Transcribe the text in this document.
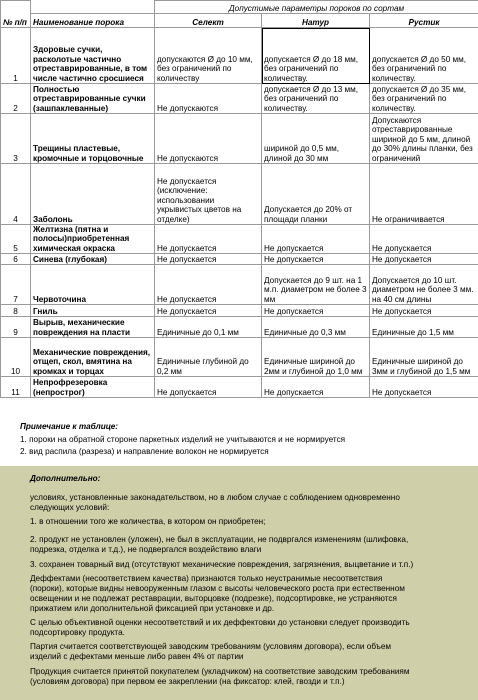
№ п/п		Допустимые параметры пороков по сортам		
	Наименование порока	Селект	Натур	Рустик
1	Здоровые сучки, расколотые частично отреставрированные, в том числе частично сросшиеся	допускаются Ø до 10 мм, без ограничений по количеству	допускается Ø до 18 мм, без ограничений по количеству.	допускается Ø до 50 мм, без ограничений по количеству.
2	Полностью отреставрированные сучки (зашпаклеванные)	Не допускаются	допускается Ø до 13 мм, без ограничений по количеству.	допускается Ø до 35 мм, без ограничений по количеству.
3	Трещины пластевые, кромочные и торцовочные	Не допускаются	шириной до 0,5 мм, длиной до 30 мм	Допускаются отреставрированные шириной до 5 мм, длиной до 30% длины планки, без ограничений
4	Заболонь	Не допускается (исключение: использовании укрывистых цветов на отделке)	Допускается до 20% от площади планки	Не ограничивается
5	Желтизна (пятна и полосы)приобретенная химическая окраска	Не допускается	Не допускается	Не допускается
6	Синева (глубокая)	Не допускается	Не допускается	Не допускается
7	Червоточина	Не допускается	Допускается до 9 шт. на 1 м.п. диаметром не более 3 мм	Допускается до 10 шт. диаметром не более 3 мм. на 40 см длины
8	Гниль	Не допускается	Не допускается	Не допускается
9	Вырыв, механические повреждения на пласти	Единичные до 0,1 мм	Единичные до 0,3 мм	Единичные до 1,5 мм
10	Механические повреждения, отщеп, скол, вмятина на кромках и торцах	Единичные глубиной до 0,2 мм	Единичные шириной до 2мм и глубиной до 1,0 мм	Единичные шириной до 3мм и глубиной до 1,5 мм
11	Непрофрезеровка (непрострог)	Не допускается	Не допускается	Не допускается
Примечание к таблице:
1. пороки на обратной стороне паркетных изделий не учитываются и не нормируется
2. вид распила (разреза) и направление волокон не нормируется
Дополнительно:
условиях, установленные законадательством, но в любом случае с соблюдением одновременно
следующих условий:
1. в отношении того же количества, в котором он приобретен;
2. продукт не установлен (уложен), не был в эксплуатации, не подвргался изменениям (шлифовка,
подрезка, отделка и т.д.), не подвергался воздействию влаги
3. сохранен товарный вид (отсутствуют механические повреждения, загрязнения, выцветание и т.п.)
Деффектами (несоответствием качества) признаются только неустранимые несоответствия
(пороки), которые видны невооруженным глазом с высоты человеческого роста при естественном
освещении и не подлежат реставрации, выторцовке (подрезке), подсортировке, не устраняются
прижатием или дополнительной фиксацией при установке и др.
С целью объективной оценки несоответствий и их деффектовки до установки следует производить
подсортировку продукта.
Партия считается соответствующей заводским требованиям (условиям договора), если объем
изделий с дефектами меньше либо равен 4% от партии
Продукция считается принятой покупателем (укладчиком) на соответствие заводским требованиям
(условиям договора) при первом ее закреплении (на фиксатор: клей, гвозди и т.п.)
